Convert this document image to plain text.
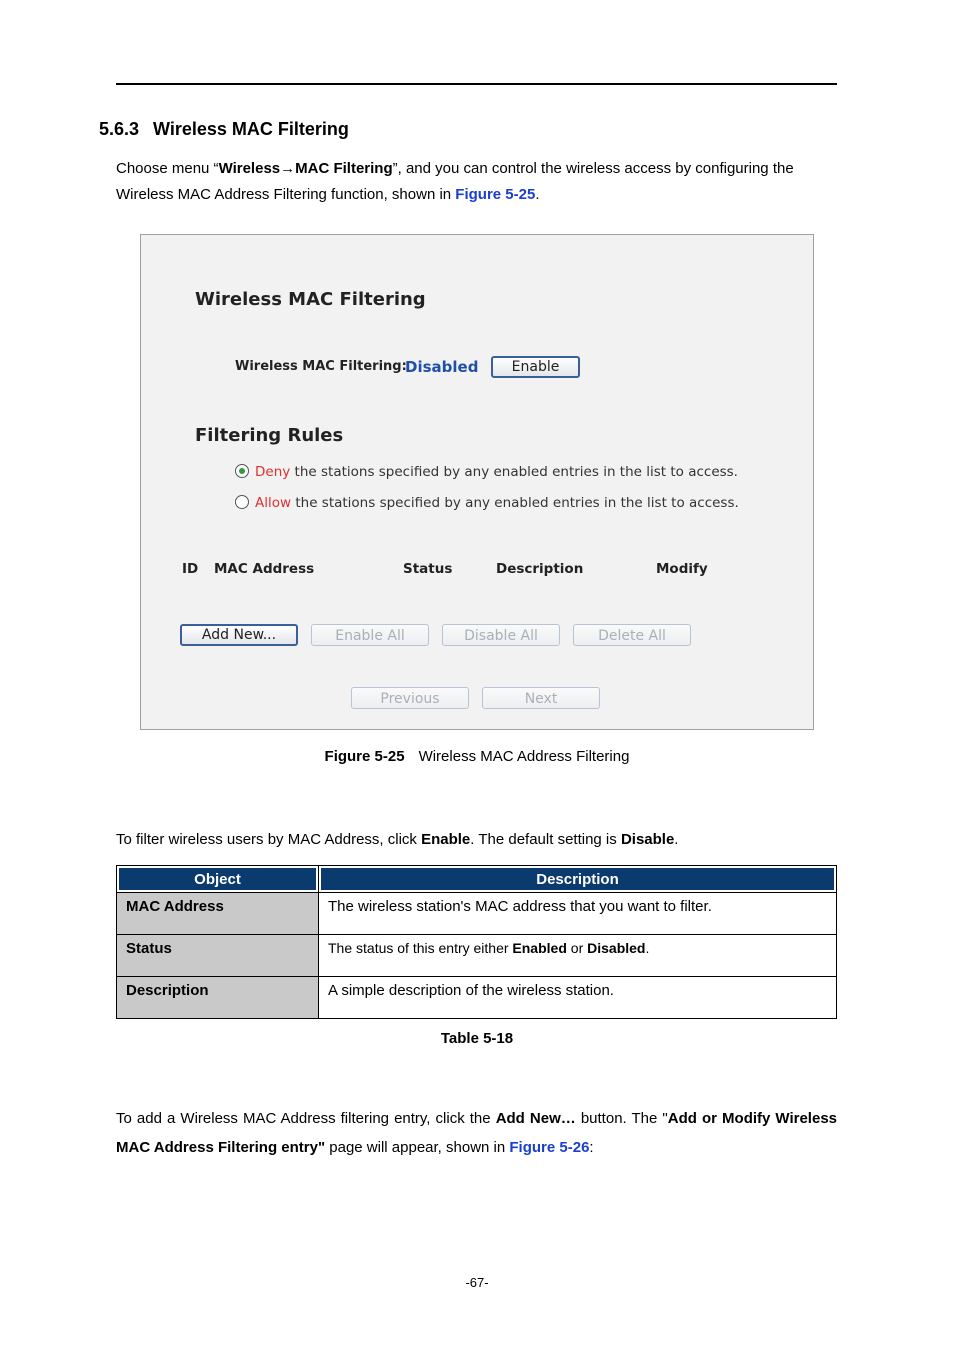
5.6.3 Wireless MAC Filtering
Choose menu “Wireless→MAC Filtering”, and you can control the wireless access by configuring the Wireless MAC Address Filtering function, shown in Figure 5-25.
Wireless MAC Filtering
Wireless MAC Filtering:
Disabled	Enable
Filtering Rules
Deny the stations specified by any enabled entries in the list to access.
Allow the stations specified by any enabled entries in the list to access.
ID MAC Address	Status	Description	Modify
Add New...	Enable All	Disable All	Delete All
Previous	Next
Figure 5-25 Wireless MAC Address Filtering
To filter wireless users by MAC Address, click Enable. The default setting is Disable.
Object	Description
MAC Address	The wireless station's MAC address that you want to filter.
Status	The status of this entry either Enabled or Disabled.
Description	A simple description of the wireless station.
Table 5-18
To add a Wireless MAC Address filtering entry, click the Add New… button. The "Add or Modify Wireless MAC Address Filtering entry" page will appear, shown in Figure 5-26:
-67-
